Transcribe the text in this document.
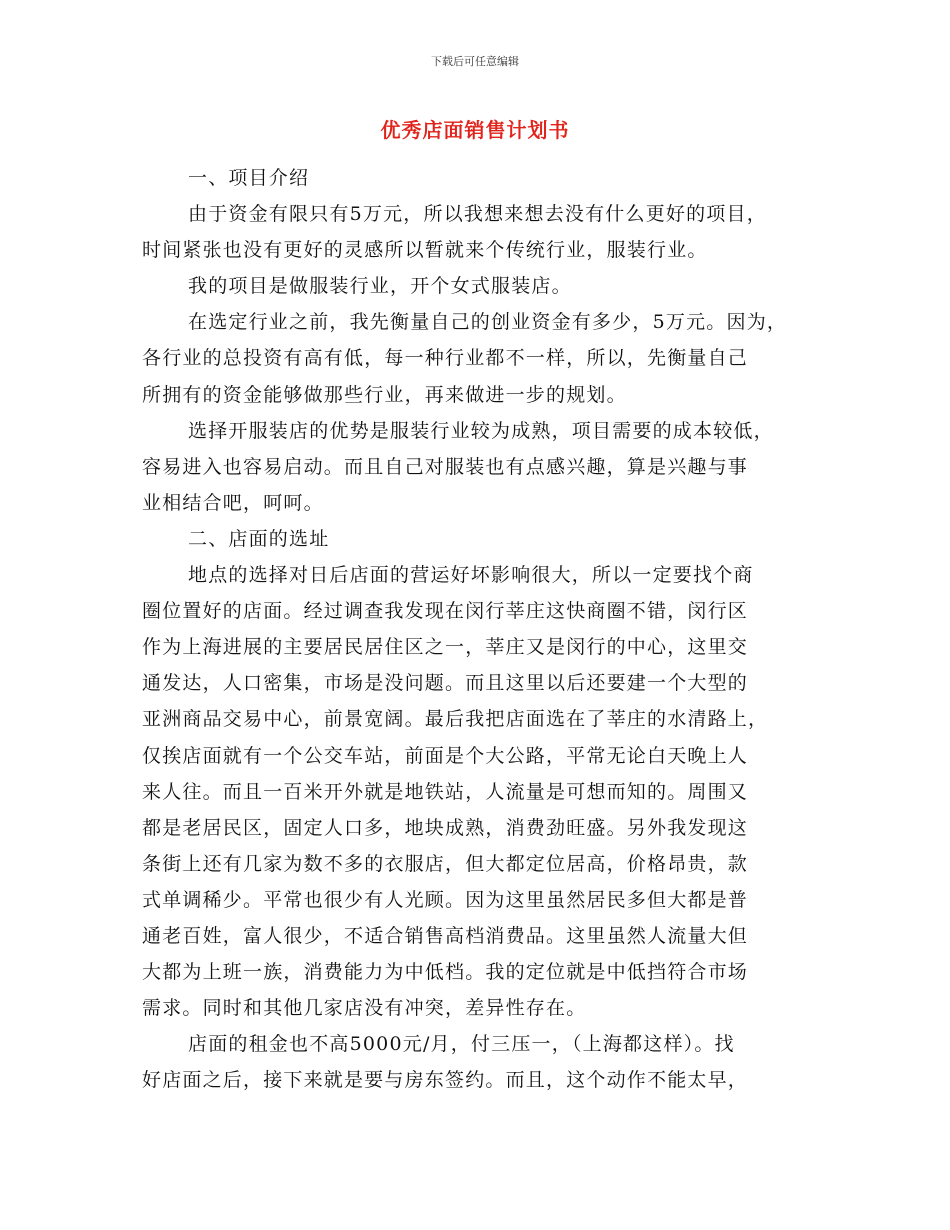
下载后可任意编辑
优秀店面销售计划书
一、项目介绍
由于资金有限只有5万元，所以我想来想去没有什么更好的项目，
时间紧张也没有更好的灵感所以暂就来个传统行业，服装行业。
我的项目是做服装行业，开个女式服装店。
在选定行业之前，我先衡量自己的创业资金有多少，5万元。因为，
各行业的总投资有高有低，每一种行业都不一样，所以，先衡量自己
所拥有的资金能够做那些行业，再来做进一步的规划。
选择开服装店的优势是服装行业较为成熟，项目需要的成本较低，
容易进入也容易启动。而且自己对服装也有点感兴趣，算是兴趣与事
业相结合吧，呵呵。
二、店面的选址
地点的选择对日后店面的营运好坏影响很大，所以一定要找个商
圈位置好的店面。经过调查我发现在闵行莘庄这快商圈不错，闵行区
作为上海进展的主要居民居住区之一，莘庄又是闵行的中心，这里交
通发达，人口密集，市场是没问题。而且这里以后还要建一个大型的
亚洲商品交易中心，前景宽阔。最后我把店面选在了莘庄的水清路上，
仅挨店面就有一个公交车站，前面是个大公路，平常无论白天晚上人
来人往。而且一百米开外就是地铁站，人流量是可想而知的。周围又
都是老居民区，固定人口多，地块成熟，消费劲旺盛。另外我发现这
条街上还有几家为数不多的衣服店，但大都定位居高，价格昂贵，款
式单调稀少。平常也很少有人光顾。因为这里虽然居民多但大都是普
通老百姓，富人很少，不适合销售高档消费品。这里虽然人流量大但
大都为上班一族，消费能力为中低档。我的定位就是中低挡符合市场
需求。同时和其他几家店没有冲突，差异性存在。
店面的租金也不高5000元/月，付三压一，（上海都这样）。找
好店面之后，接下来就是要与房东签约。而且，这个动作不能太早，
